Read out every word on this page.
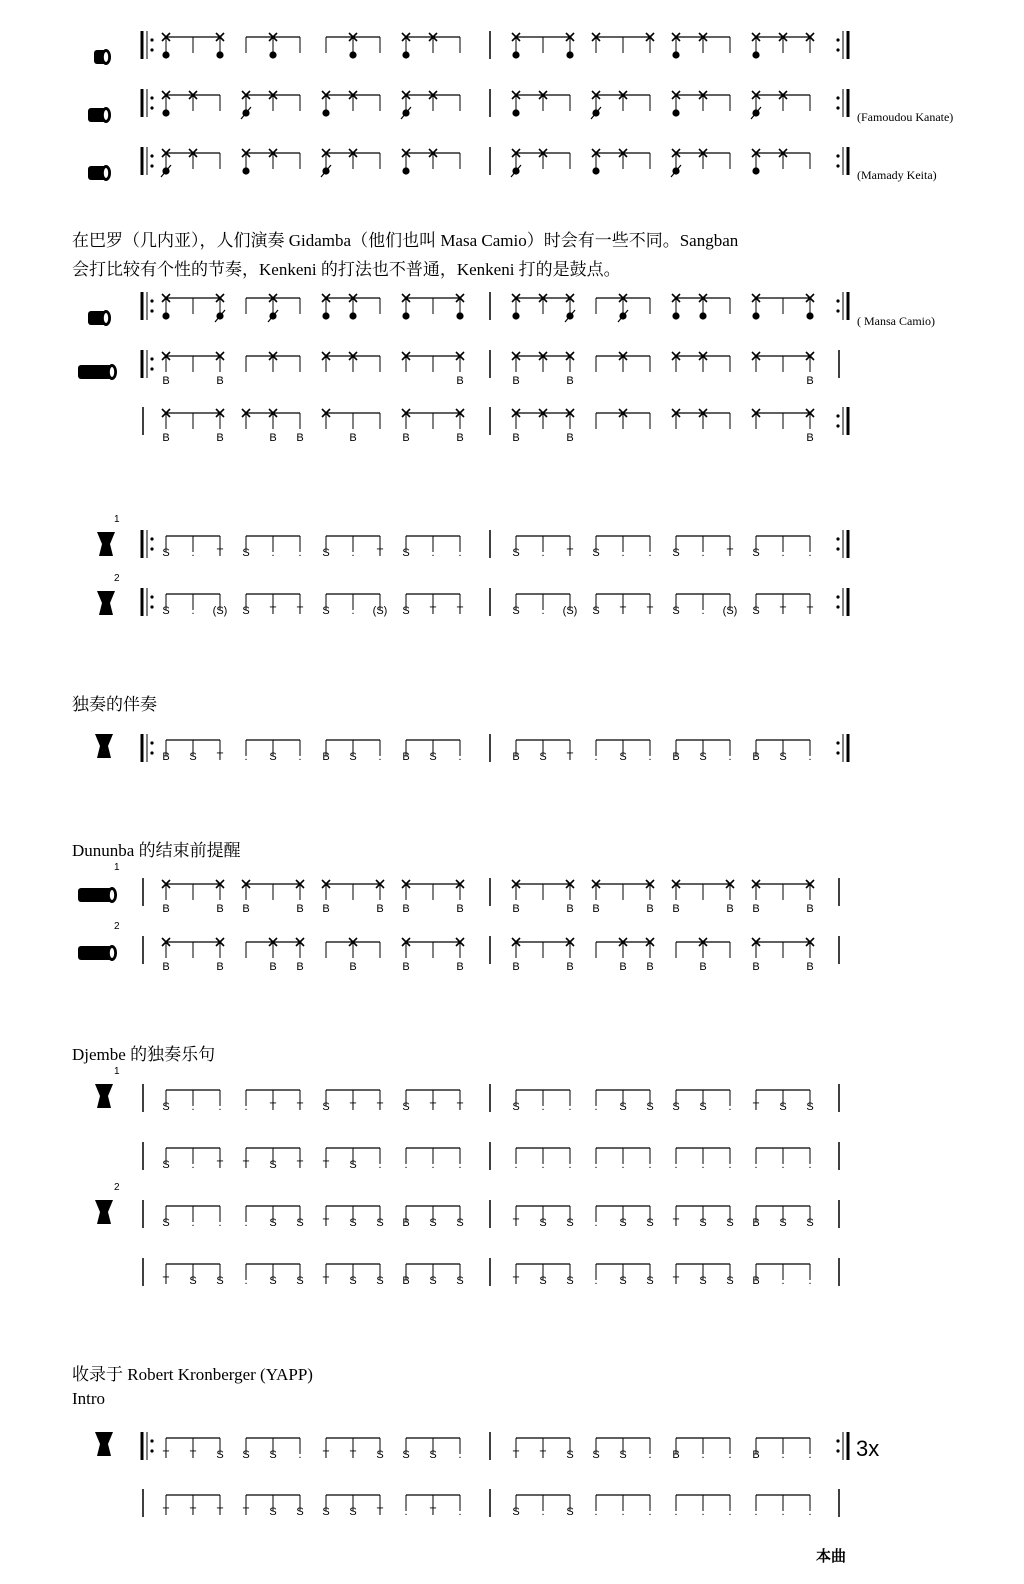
B	B	B	B	B	B
B	B	B B	B	B	B	B	B	B
S . T S . . S . T S . .	S . T S . . S . T S . .
S . (S) S T T S . (S) S T T	S . (S) S T T S . (S) S T T
B S T . S . B S . B S .	B S T . S . B S . B S .
B	B B	B B	B B	B	B	B B	B B	B B	B
B	B	B B	B	B	B	B	B	B B	B	B	B
S . . . T T S T T S T T	S . . . S S S S . T S S
S . T T S T T S . . . .	. . . . . . . . . . . .
S . . . S S T S S B S S	T S S . S S T S S B S S
T S S . S S T S S B S S	T S S . S S T S S B . .
T T S S S . T T S S S .	T T S S S . B . . B . .
T T T T S S S S T . T .	S . S . . . . . . . . .
在巴罗（几内亚），人们演奏 Gidamba（他们也叫 Masa Camio）时会有一些不同。Sangban
会打比较有个性的节奏，Kenkeni 的打法也不普通，Kenkeni 打的是鼓点。
独奏的伴奏
Dununba 的结束前提醒
Djembe 的独奏乐句
收录于 Robert Kronberger (YAPP)
Intro
(Famoudou Kanate)
(Mamady Keita)
( Mansa Camio)
1
2
1
2
1
2
3x
本曲
